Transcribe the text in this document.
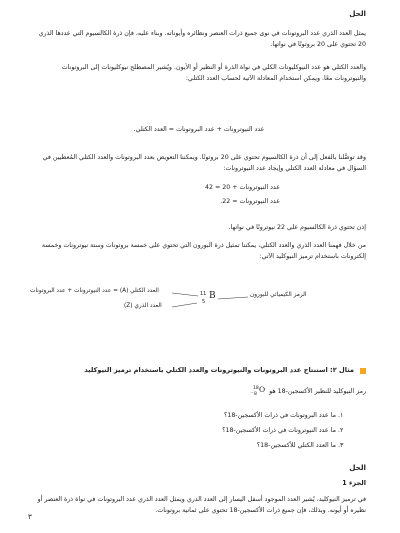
الحل
يمثل العدد الذري عدد البروتونات في نوى جميع ذرات العنصر ونظائره وأيوناته. وبناء عليه، فإن ذرة الكالسيوم التي عددها الذري 20 تحتوي على 20 بروتونًا في نواتها.
والعدد الكتلي هو عدد النيوكليونات الكلي في نواة الذرة أو النظير أو الأيون. ويُشير المصطلح نيوكليونات إلى البروتونات والنيوترونات معًا. ويمكن استخدام المعادلة الآتية لحساب العدد الكتلي:
عدد النيوترونات + عدد البروتونات = العدد الكتلي.
وقد توصَّلنا بالفعل إلى أن ذرة الكالسيوم تحتوي على 20 بروتونًا. ويمكننا التعويض بعدد البروتونات والعدد الكتلي المُعطيين في السؤال في معادلة العدد الكتلي وإيجاد عدد النيوترونات:
عدد النيوترونات + 20 = 42
عدد النيوترونات = 22.
إذن تحتوي ذرة الكالسيوم على 22 نيوترونًا في نواتها.
من خلال فهمنا العدد الذري والعدد الكتلي، يمكننا تمثيل ذرة البورون التي تحتوي على خمسة بروتونات وستة نيوترونات وخمسة إلكترونات باستخدام ترميز النيوكليد الآتي:
العدد الكتلي (A) = عدد النيوترونات + عدد البروتونات
العدد الذري (Z)
11
5
B	الرمز الكيميائي للبورون
مثال ٢: استنتاج عدد البروتونات والنيوترونات والعدد الكتلي باستخدام ترميز النيوكليد
رمز النيوكليد للنظير الأكسجين-18 هو
18
8
O
.
١. ما عدد البروتونات في ذرات الأكسجين-18؟
٢. ما عدد النيوترونات في ذرات الأكسجين-18؟
٣. ما العدد الكتلي للأكسجين-18؟
الحل
الجزء 1
في ترميز النيوكليد، يُشير العدد الموجود أسفل اليسار إلى العدد الذري ويمثل العدد الذري عدد البروتونات في نواة ذرة العنصر أو نظيره أو أيونه. وبذلك، فإن جميع ذرات الأكسجين-18 تحتوي على ثمانية بروتونات.
٣
